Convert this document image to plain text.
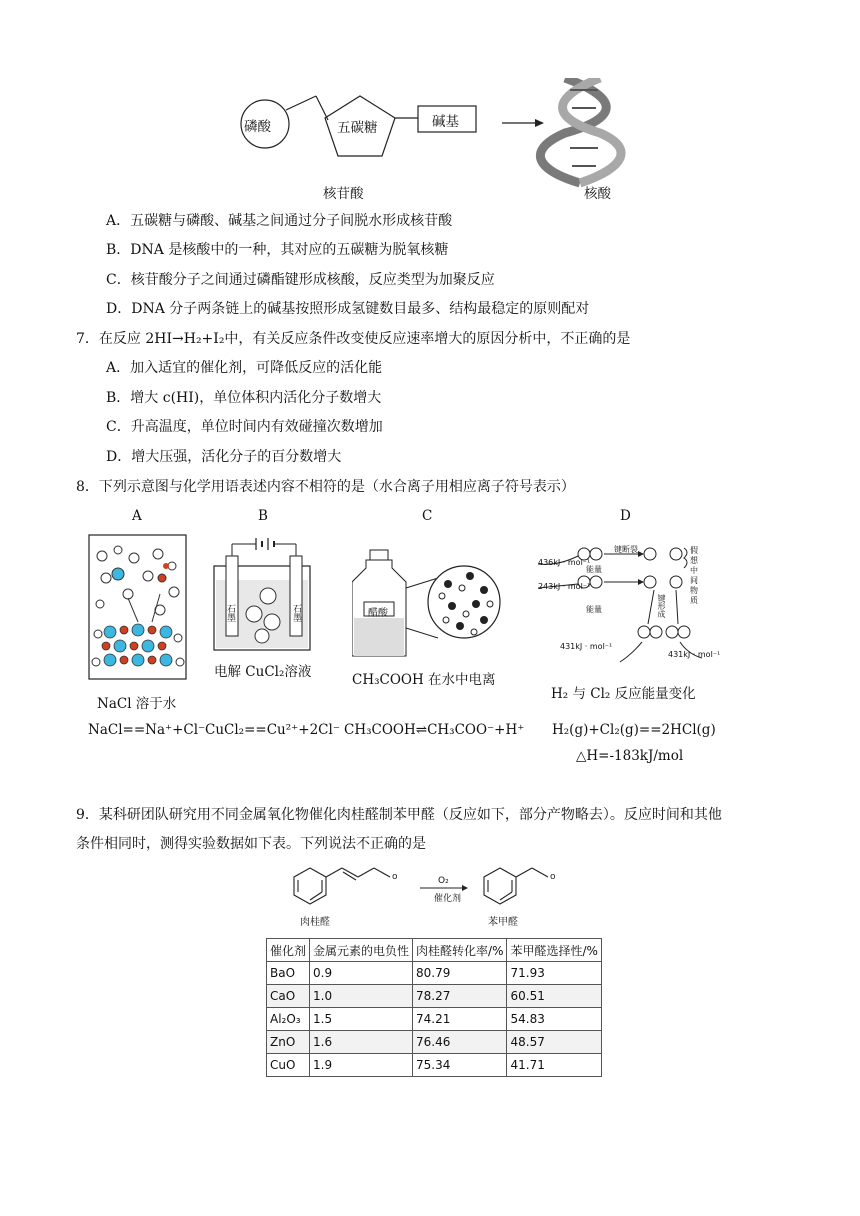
磷酸	五碳糖	碱基
核苷酸	核酸
A．五碳糖与磷酸、碱基之间通过分子间脱水形成核苷酸
B．DNA 是核酸中的一种，其对应的五碳糖为脱氧核糖
C．核苷酸分子之间通过磷酯键形成核酸，反应类型为加聚反应
D．DNA 分子两条链上的碱基按照形成氢键数目最多、结构最稳定的原则配对
7．在反应 2HI→H₂+I₂中，有关反应条件改变使反应速率增大的原因分析中，不正确的是
A．加入适宜的催化剂，可降低反应的活化能
B．增大 c(HI)，单位体积内活化分子数增大
C．升高温度，单位时间内有效碰撞次数增加
D．增大压强，活化分子的百分数增大
8．下列示意图与化学用语表述内容不相符的是（水合离子用相应离子符号表示）
A	B	C	D
NaCl 溶于水
NaCl==Na⁺+Cl⁻
石墨	石墨
电解 CuCl₂溶液
CuCl₂==Cu²⁺+2Cl⁻
醋酸
CH₃COOH 在水中电离
CH₃COOH⇌CH₃COO⁻+H⁺
436kJ · mol⁻¹
243kJ · mol⁻¹
能量
能量
键断裂
键形成
假想中间物质
431kJ · mol⁻¹
431kJ · mol⁻¹
H₂ 与 Cl₂ 反应能量变化
H₂(g)+Cl₂(g)==2HCl(g)
△H=-183kJ/mol
9．某科研团队研究用不同金属氧化物催化肉桂醛制苯甲醛（反应如下，部分产物略去）。反应时间和其他
条件相同时，测得实验数据如下表。下列说法不正确的是
o	o
O₂
催化剂
肉桂醛	苯甲醛
催化剂	金属元素的电负性	肉桂醛转化率/%	苯甲醛选择性/%
BaO	0.9	80.79	71.93
CaO	1.0	78.27	60.51
Al₂O₃	1.5	74.21	54.83
ZnO	1.6	76.46	48.57
CuO	1.9	75.34	41.71
